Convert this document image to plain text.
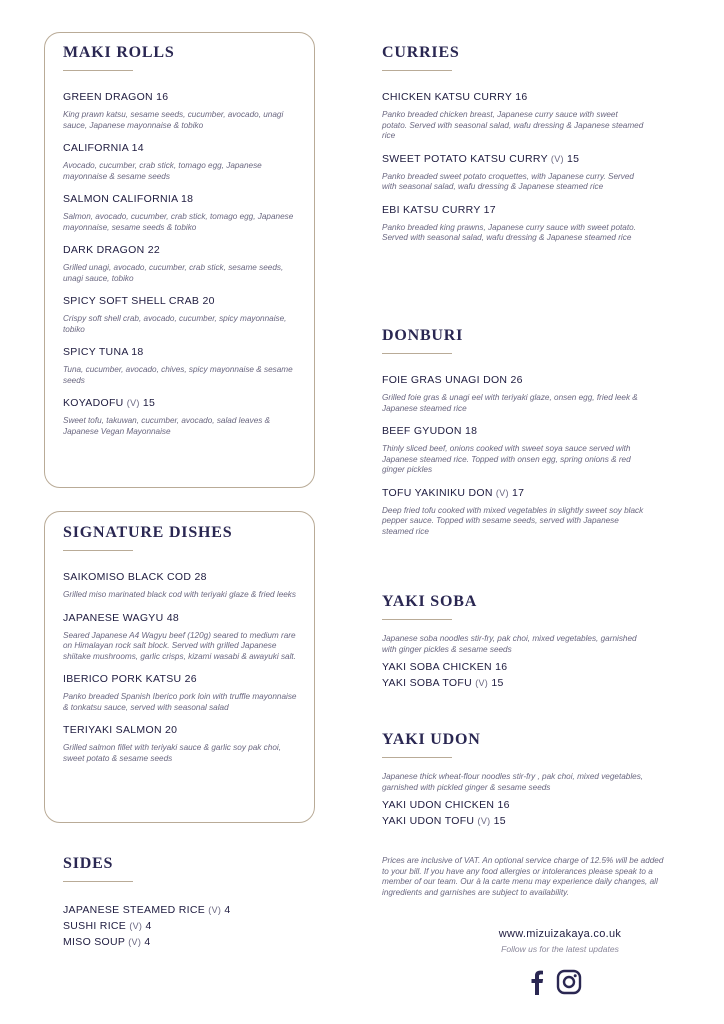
MAKI ROLLS
GREEN DRAGON 16
King prawn katsu, sesame seeds, cucumber, avocado, unagi sauce, Japanese mayonnaise & tobiko
CALIFORNIA 14
Avocado, cucumber, crab stick, tomago egg, Japanese mayonnaise & sesame seeds
SALMON CALIFORNIA 18
Salmon, avocado, cucumber, crab stick, tomago egg, Japanese mayonnaise, sesame seeds & tobiko
DARK DRAGON 22
Grilled unagi, avocado, cucumber, crab stick, sesame seeds, unagi sauce, tobiko
SPICY SOFT SHELL CRAB 20
Crispy soft shell crab, avocado, cucumber, spicy mayonnaise, tobiko
SPICY TUNA 18
Tuna, cucumber, avocado, chives, spicy mayonnaise & sesame seeds
KOYADOFU (V) 15
Sweet tofu, takuwan, cucumber, avocado, salad leaves & Japanese Vegan Mayonnaise
SIGNATURE DISHES
SAIKOMISO BLACK COD 28
Grilled miso marinated black cod with teriyaki glaze & fried leeks
JAPANESE WAGYU 48
Seared Japanese A4 Wagyu beef (120g) seared to medium rare on Himalayan rock salt block. Served with grilled Japanese shiitake mushrooms, garlic crisps, kizami wasabi & awayuki salt.
IBERICO PORK KATSU 26
Panko breaded Spanish Iberico pork loin with truffle mayonnaise & tonkatsu sauce, served with seasonal salad
TERIYAKI SALMON 20
Grilled salmon fillet with teriyaki sauce & garlic soy pak choi, sweet potato & sesame seeds
SIDES
JAPANESE STEAMED RICE (V) 4
SUSHI RICE (V) 4
MISO SOUP (V) 4
CURRIES
CHICKEN KATSU CURRY 16
Panko breaded chicken breast, Japanese curry sauce with sweet potato. Served with seasonal salad, wafu dressing & Japanese steamed rice
SWEET POTATO KATSU CURRY (V) 15
Panko breaded sweet potato croquettes, with Japanese curry. Served with seasonal salad, wafu dressing & Japanese steamed rice
EBI KATSU CURRY 17
Panko breaded king prawns, Japanese curry sauce with sweet potato. Served with seasonal salad, wafu dressing & Japanese steamed rice
DONBURI
FOIE GRAS UNAGI DON 26
Grilled foie gras & unagi eel with teriyaki glaze, onsen egg, fried leek & Japanese steamed rice
BEEF GYUDON 18
Thinly sliced beef, onions cooked with sweet soya sauce served with Japanese steamed rice. Topped with onsen egg, spring onions & red ginger pickles
TOFU YAKINIKU DON (V) 17
Deep fried tofu cooked with mixed vegetables in slightly sweet soy black pepper sauce. Topped with sesame seeds, served with Japanese steamed rice
YAKI SOBA
Japanese soba noodles stir-fry, pak choi, mixed vegetables, garnished with ginger pickles & sesame seeds
YAKI SOBA CHICKEN 16
YAKI SOBA TOFU (V) 15
YAKI UDON
Japanese thick wheat-flour noodles stir-fry , pak choi, mixed vegetables, garnished with pickled ginger & sesame seeds
YAKI UDON CHICKEN 16
YAKI UDON TOFU (V) 15
Prices are inclusive of VAT. An optional service charge of 12.5% will be added to your bill. If you have any food allergies or intolerances please speak to a member of our team. Our à la carte menu may experience daily changes, all ingredients and garnishes are subject to availability.
www.mizuizakaya.co.uk
Follow us for the latest updates
